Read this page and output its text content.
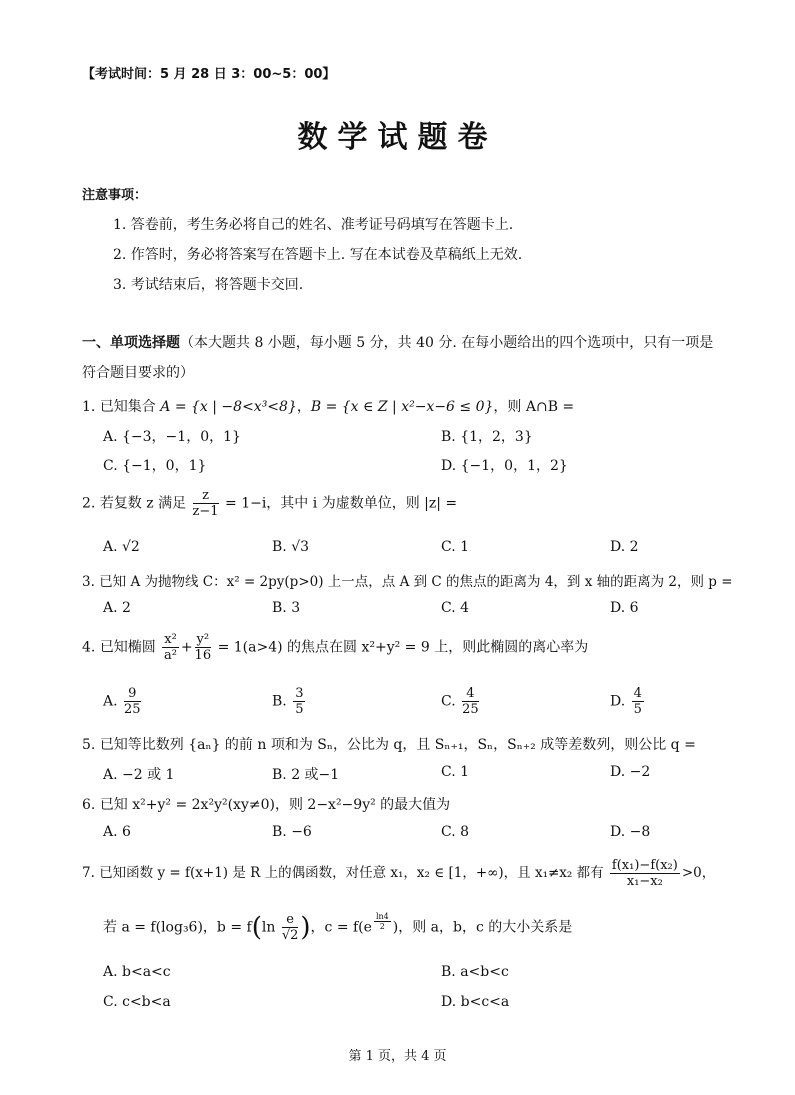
【考试时间：5 月 28 日 3：00~5：00】
数学试题卷
注意事项：
1. 答卷前，考生务必将自己的姓名、准考证号码填写在答题卡上.
2. 作答时，务必将答案写在答题卡上. 写在本试卷及草稿纸上无效.
3. 考试结束后，将答题卡交回.
一、单项选择题（本大题共 8 小题，每小题 5 分，共 40 分. 在每小题给出的四个选项中，只有一项是
符合题目要求的）
1. 已知集合 A = {x | −8<x³<8}，B = {x ∈ Z | x²−x−6 ≤ 0}，则 A∩B =
A. {−3，−1，0，1}	B. {1，2，3}
C. {−1，0，1}	D. {−1，0，1，2}
2. 若复数 z 满足 $\frac{z}{z-1} = 1-i$，其中 i 为虚数单位，则 |z| =
A. √2	B. √3	C. 1	D. 2
3. 已知 A 为抛物线 C：x² = 2py(p>0) 上一点，点 A 到 C 的焦点的距离为 4，到 x 轴的距离为 2，则 p =
A. 2	B. 3	C. 4	D. 6
4. 已知椭圆 $\frac{\text{x²}}{\text{a²}} + \frac{\text{y²}}{16} = 1(a>4)$ 的焦点在圆 x²+y² = 9 上，则此椭圆的离心率为
A. $\frac{9}{25}$	B. $\frac{3}{5}$	C. $\frac{4}{25}$	D. $\frac{4}{5}$
5. 已知等比数列 {aₙ} 的前 n 项和为 Sₙ，公比为 q，且 Sₙ₊₁，Sₙ，Sₙ₊₂ 成等差数列，则公比 q =
A. −2 或 1	B. 2 或−1	C. 1	D. −2
6. 已知 x²+y² = 2x²y²(xy≠0)，则 2−x²−9y² 的最大值为
A. 6	B. −6	C. 8	D. −8
7. 已知函数 y = f(x+1) 是 R 上的偶函数，对任意 x₁，x₂ ∈ [1，+∞)，且 x₁≠x₂ 都有 $\frac{\text{f(x₁)−f(x₂)}}{\text{x₁−x₂}} >0$，
若 a = f(log₃6)，$b = f(\ln \frac{e}{√2}$ )，$c = f(e \frac{\ln 4}{2}$ )，则 a，b，c 的大小关系是
A. b<a<c	B. a<b<c
C. c<b<a	D. b<c<a
第 1 页，共 4 页
